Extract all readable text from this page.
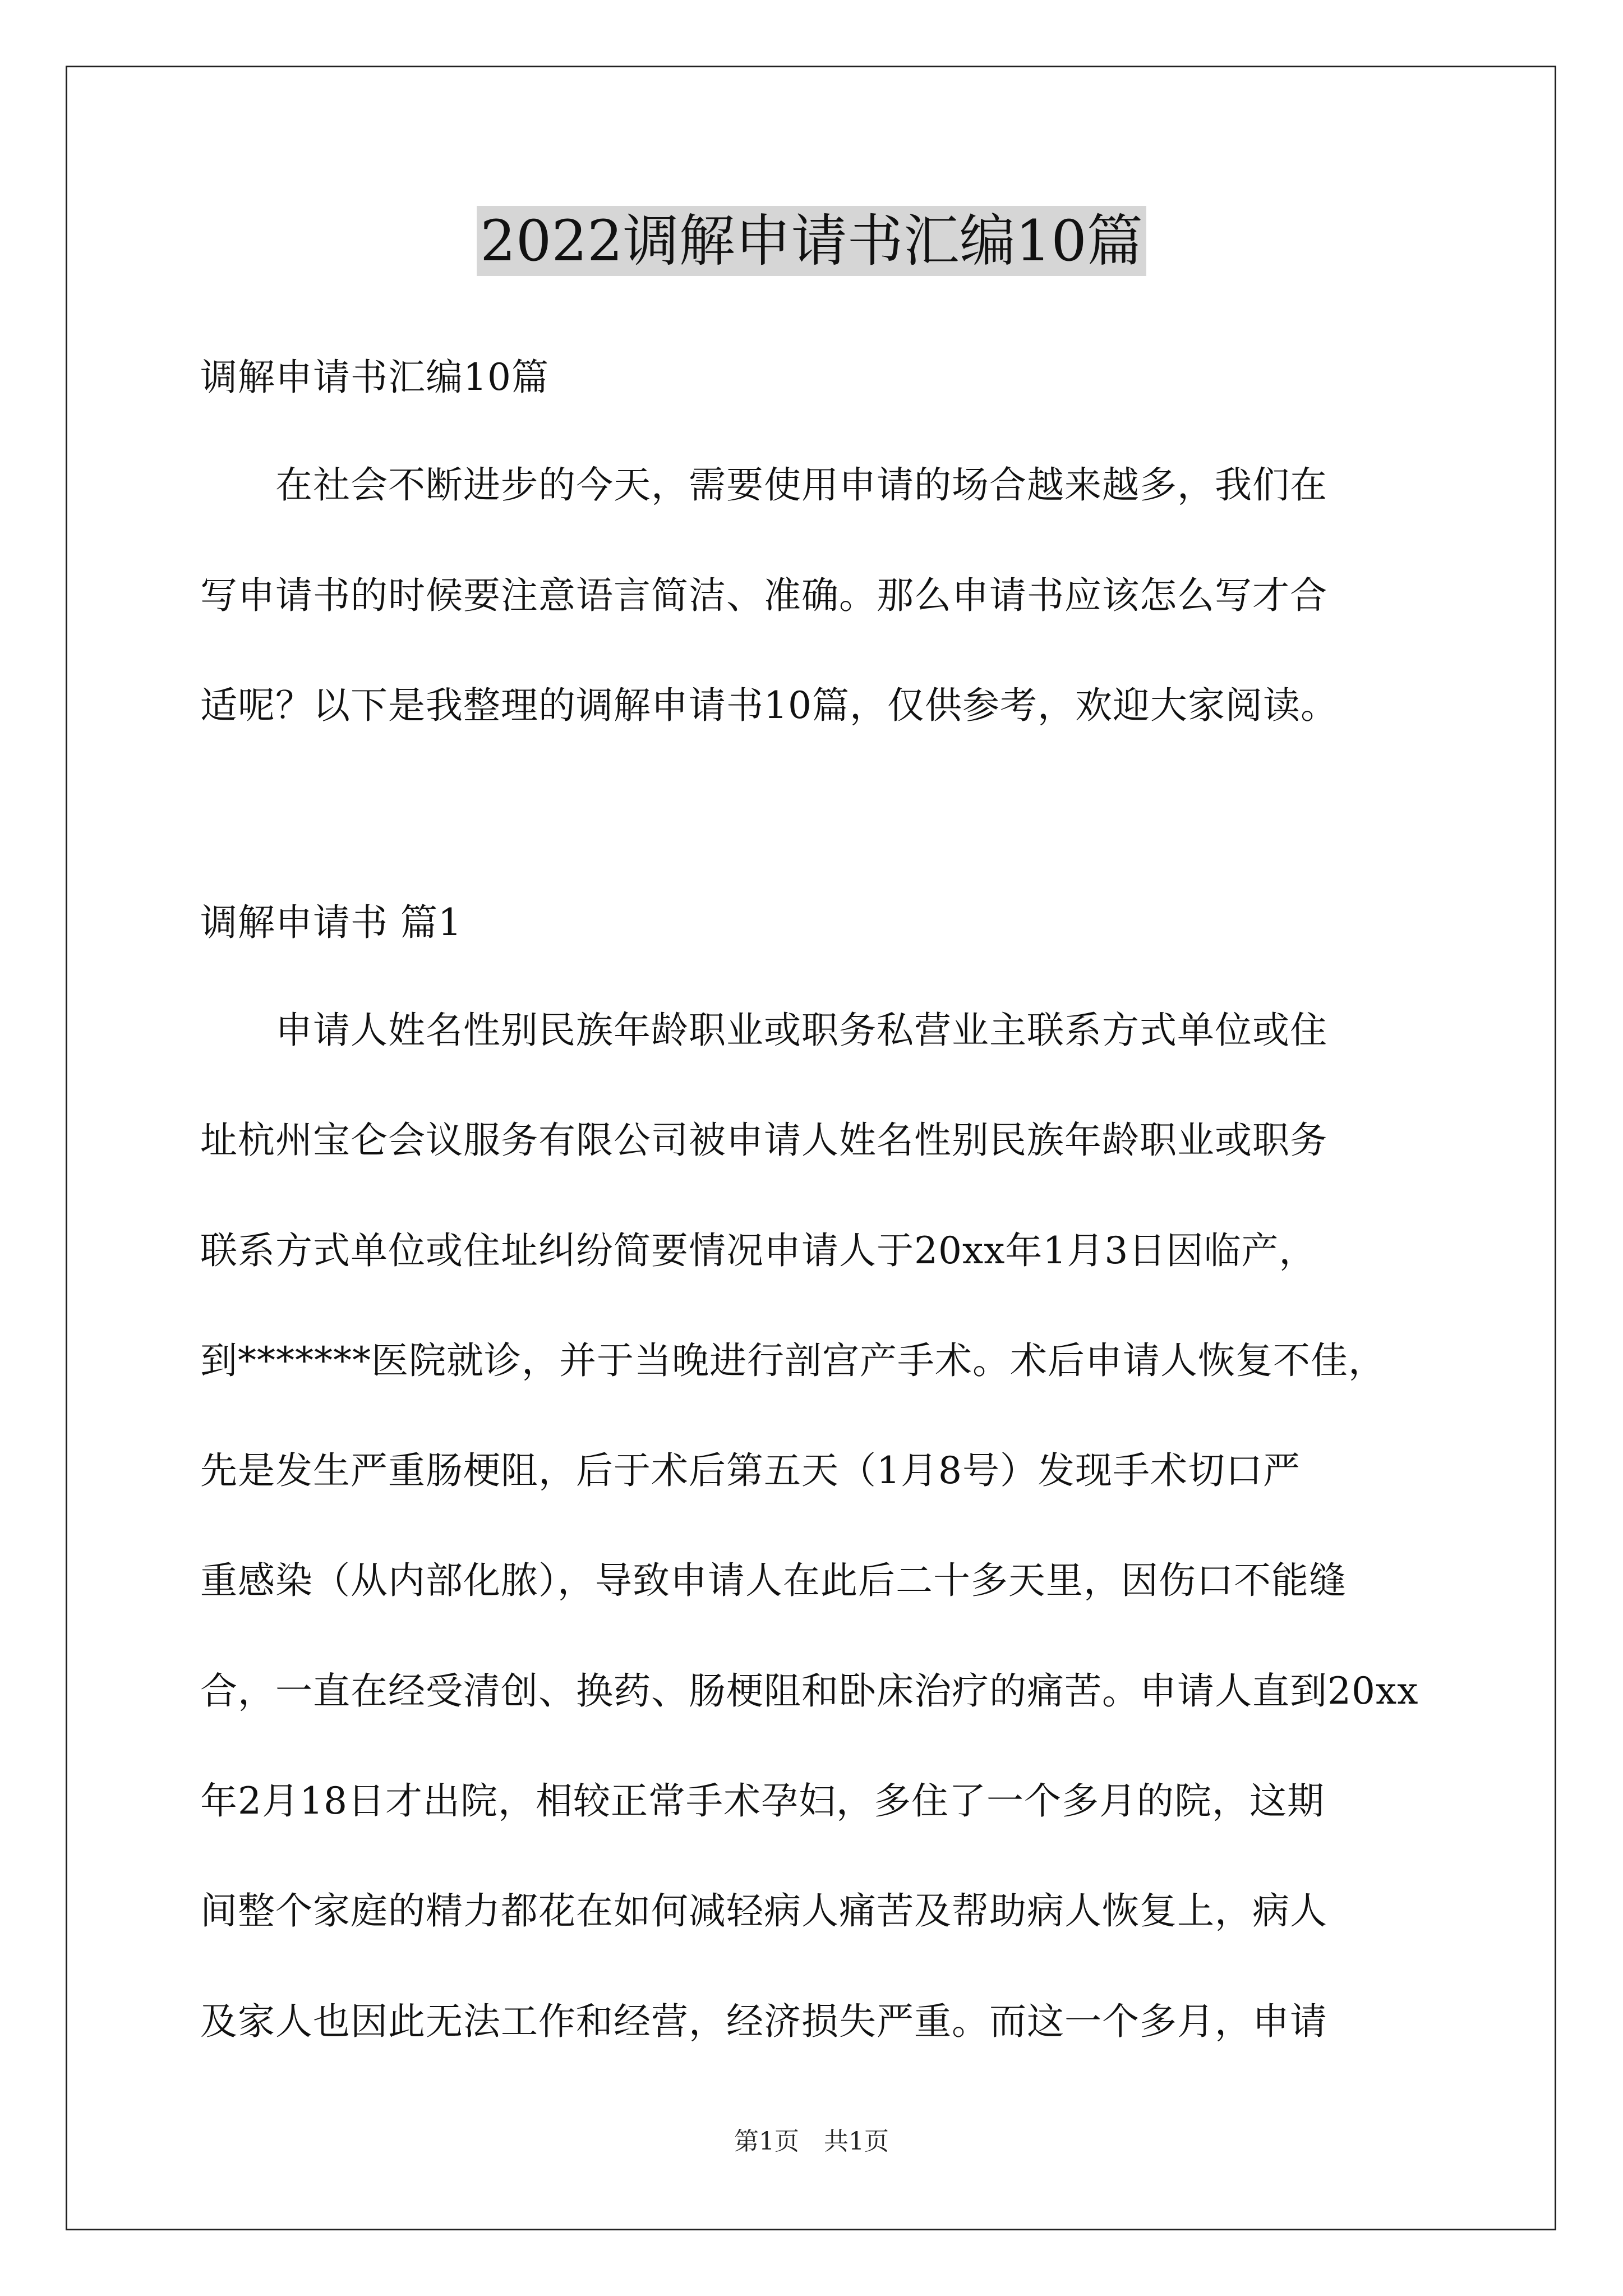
2022调解申请书汇编10篇
调解申请书汇编10篇
　　在社会不断进步的今天，需要使用申请的场合越来越多，我们在
写申请书的时候要注意语言简洁、准确。那么申请书应该怎么写才合
适呢？以下是我整理的调解申请书10篇，仅供参考，欢迎大家阅读。
调解申请书 篇1
　　申请人姓名性别民族年龄职业或职务私营业主联系方式单位或住
址杭州宝仑会议服务有限公司被申请人姓名性别民族年龄职业或职务
联系方式单位或住址纠纷简要情况申请人于20xx年1月3日因临产，
到*******医院就诊，并于当晚进行剖宫产手术。术后申请人恢复不佳，
先是发生严重肠梗阻，后于术后第五天（1月8号）发现手术切口严
重感染（从内部化脓），导致申请人在此后二十多天里，因伤口不能缝
合，一直在经受清创、换药、肠梗阻和卧床治疗的痛苦。申请人直到20xx
年2月18日才出院，相较正常手术孕妇，多住了一个多月的院，这期
间整个家庭的精力都花在如何减轻病人痛苦及帮助病人恢复上，病人
及家人也因此无法工作和经营，经济损失严重。而这一个多月，申请
第1页　共1页
